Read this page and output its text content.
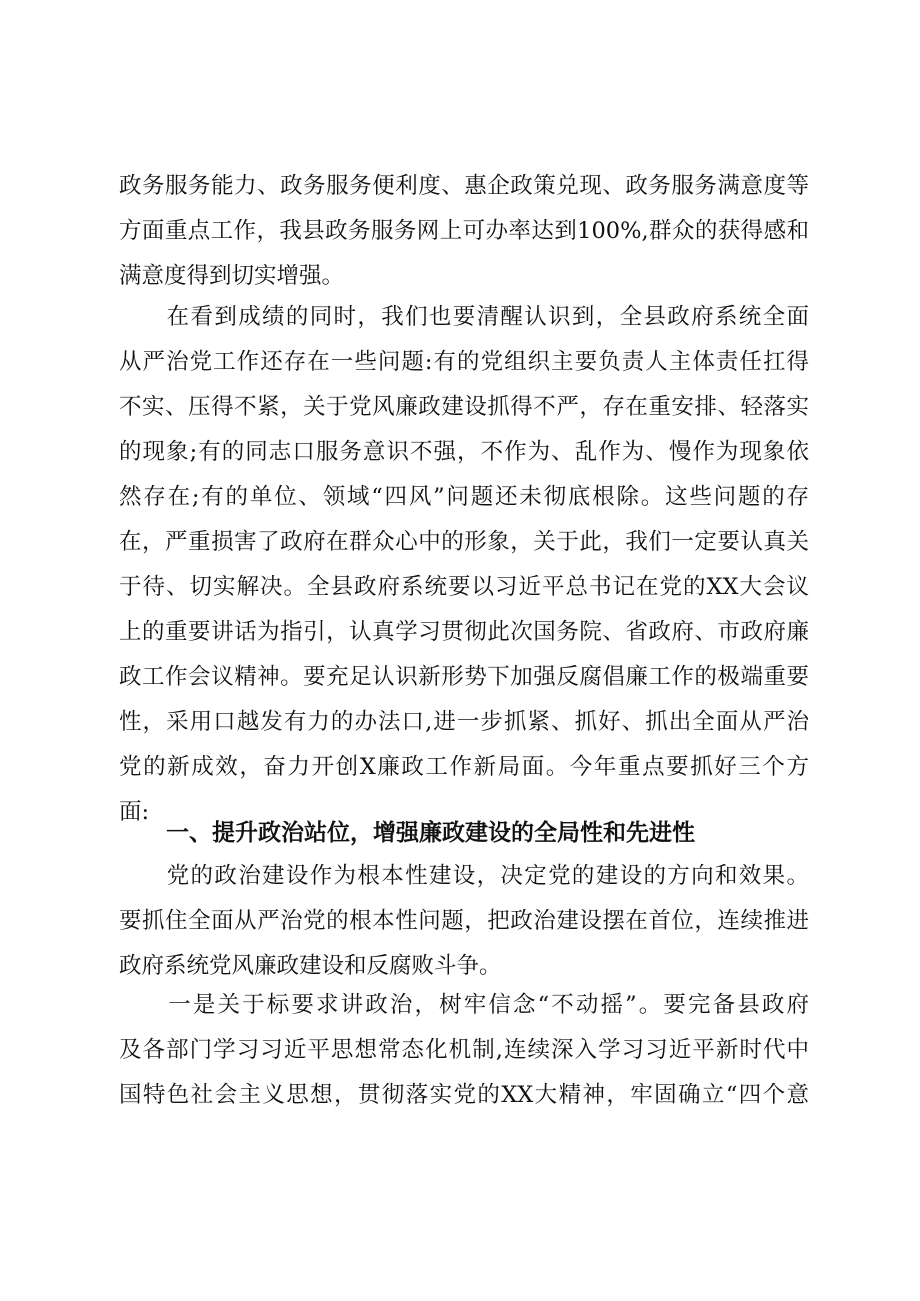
政务服务能力、政务服务便利度、惠企政策兑现、政务服务满意度等
方面重点工作，我县政务服务网上可办率达到100%,群众的获得感和
满意度得到切实增强。
　　在看到成绩的同时，我们也要清醒认识到，全县政府系统全面
从严治党工作还存在一些问题:有的党组织主要负责人主体责任扛得
不实、压得不紧，关于党风廉政建设抓得不严，存在重安排、轻落实
的现象;有的同志口服务意识不强，不作为、乱作为、慢作为现象依
然存在;有的单位、领域“四风”问题还未彻底根除。这些问题的存
在，严重损害了政府在群众心中的形象，关于此，我们一定要认真关
于待、切实解决。全县政府系统要以习近平总书记在党的XX大会议
上的重要讲话为指引，认真学习贯彻此次国务院、省政府、市政府廉
政工作会议精神。要充足认识新形势下加强反腐倡廉工作的极端重要
性，采用口越发有力的办法口,进一步抓紧、抓好、抓出全面从严治
党的新成效，奋力开创X廉政工作新局面。今年重点要抓好三个方
面:
一、提升政治站位，增强廉政建设的全局性和先进性
　　党的政治建设作为根本性建设，决定党的建设的方向和效果。
要抓住全面从严治党的根本性问题，把政治建设摆在首位，连续推进
政府系统党风廉政建设和反腐败斗争。
　　一是关于标要求讲政治，树牢信念“不动摇”。要完备县政府
及各部门学习习近平思想常态化机制,连续深入学习习近平新时代中
国特色社会主义思想，贯彻落实党的XX大精神，牢固确立“四个意
